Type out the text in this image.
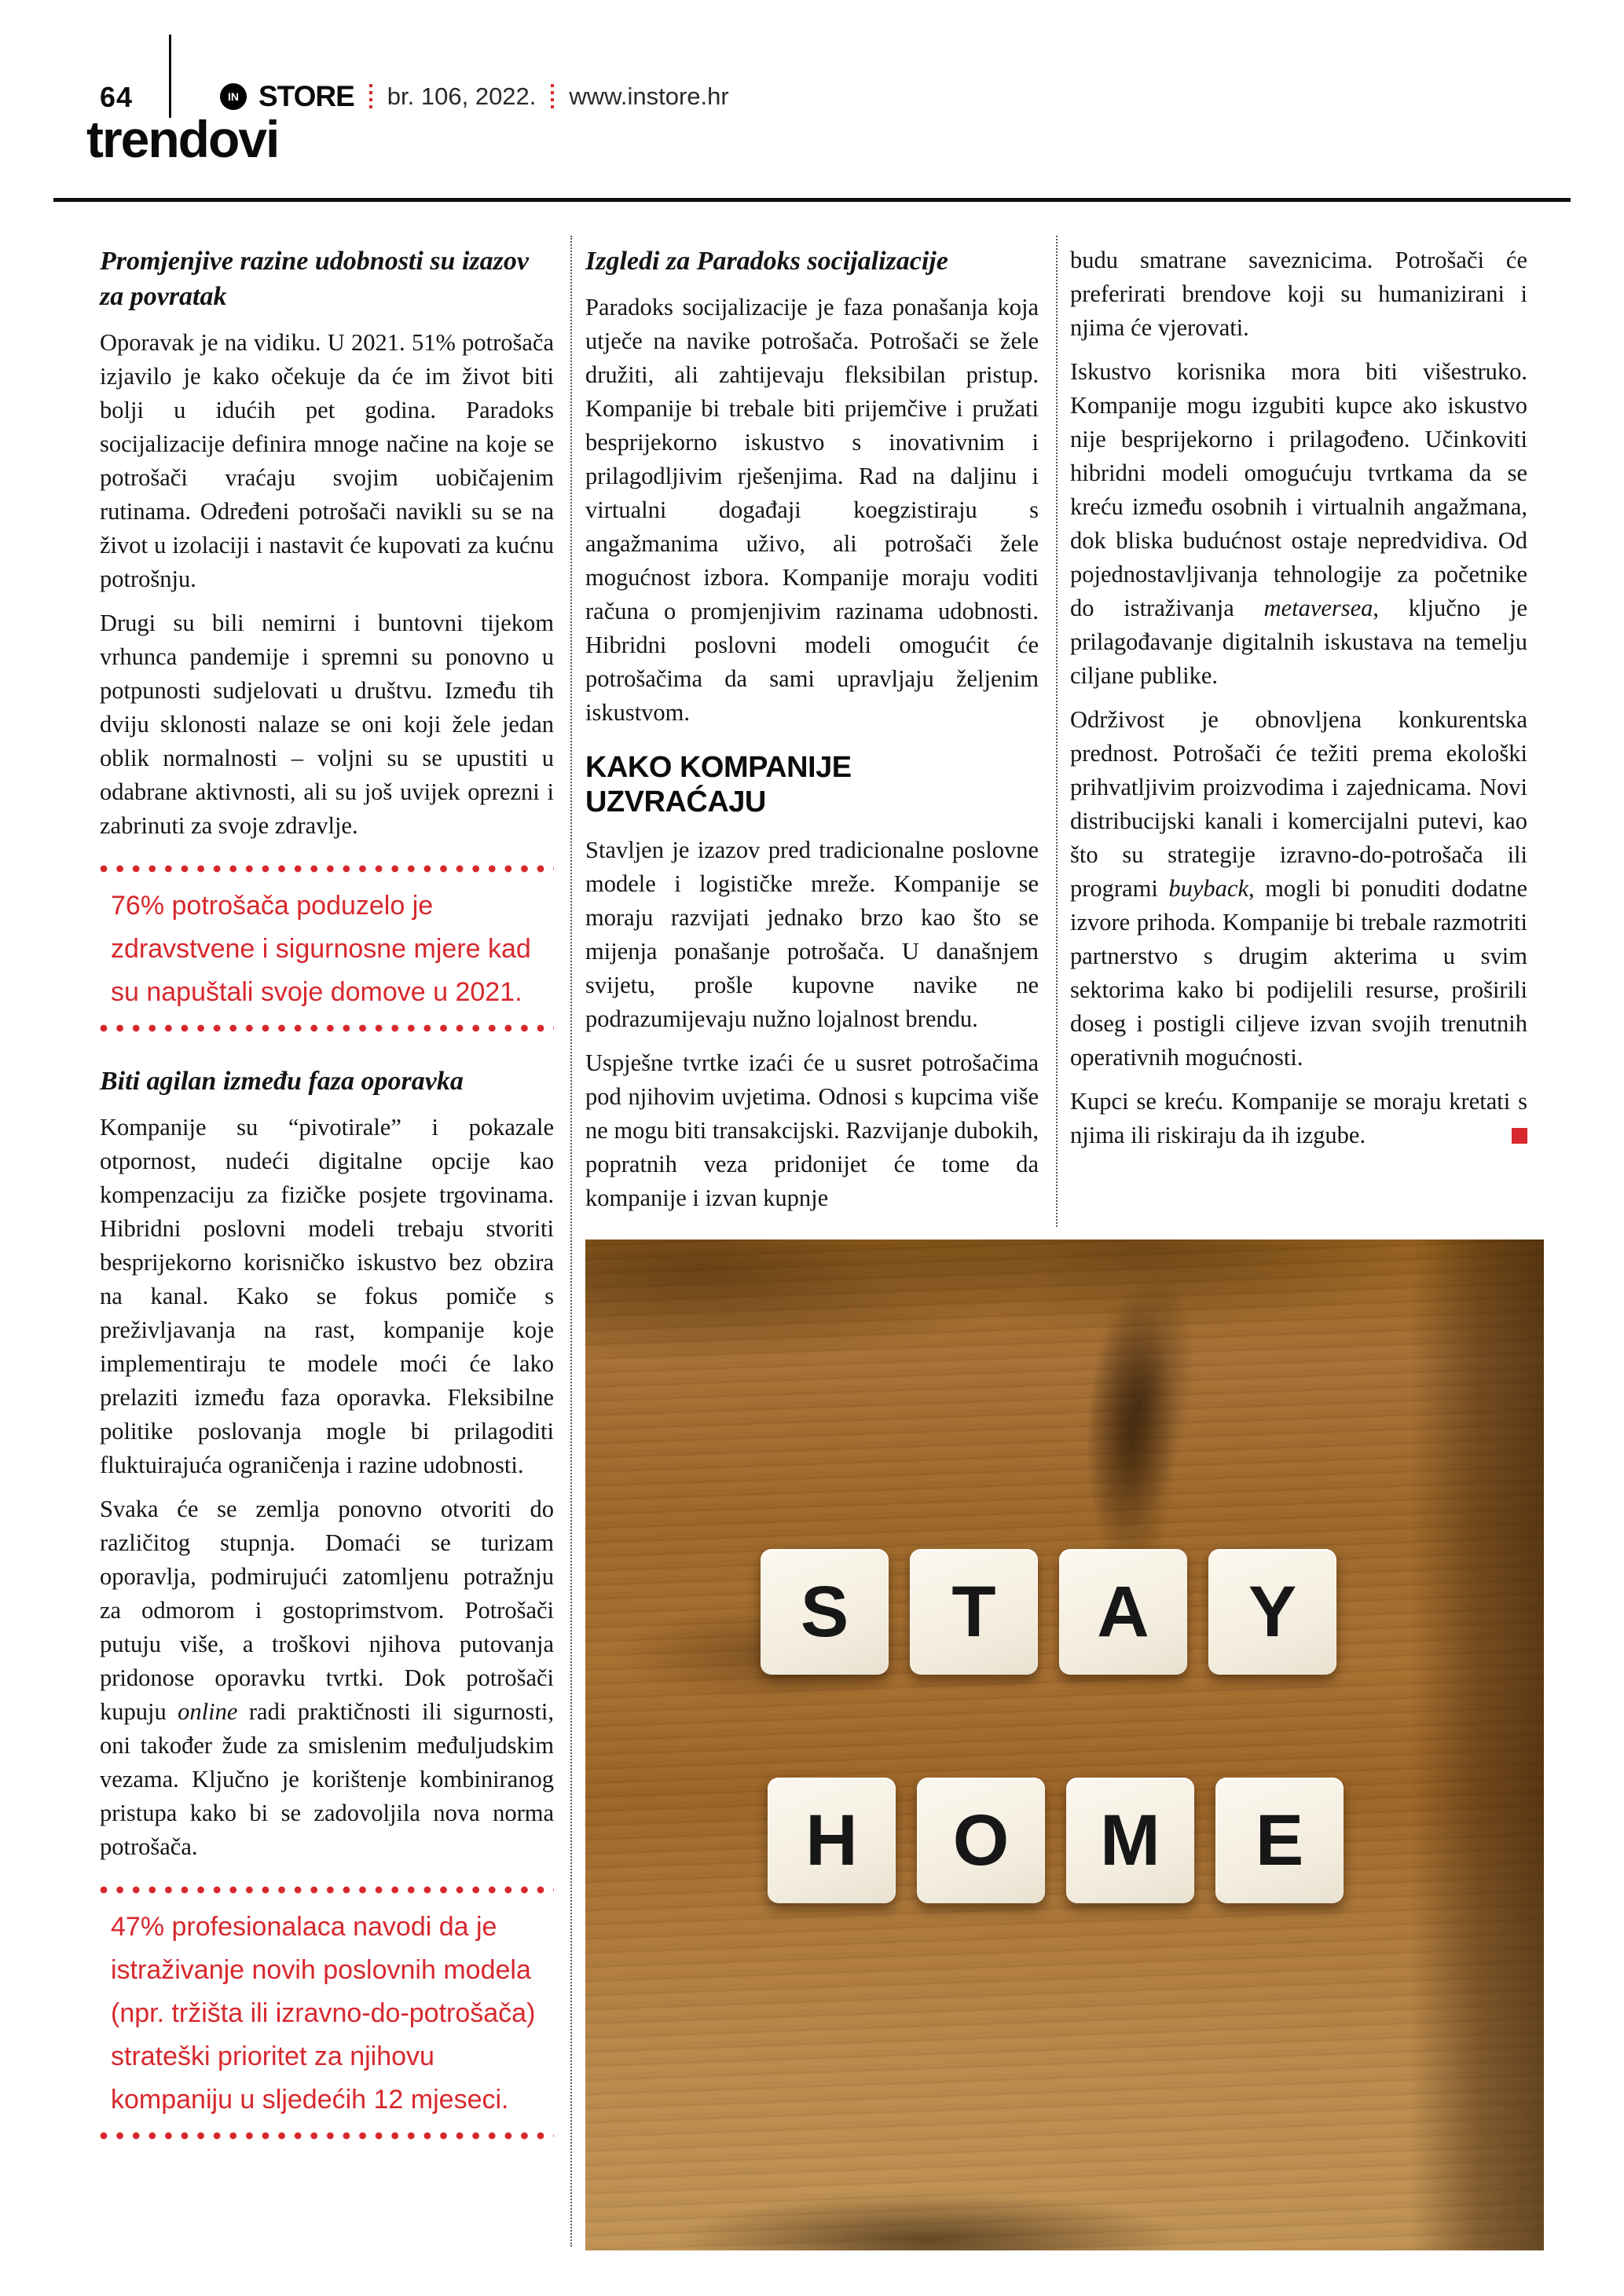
64	IN STORE br. 106, 2022. www.instore.hr
trendovi
Promjenjive razine udobnosti su izazov za povratak

Oporavak je na vidiku. U 2021. 51% potrošača izjavilo je kako očekuje da će im život biti bolji u idućih pet godina. Paradoks socijalizacije definira mnoge načine na koje se potrošači vraćaju svojim uobičajenim rutinama. Određeni potrošači navikli su se na život u izolaciji i nastavit će kupovati za kućnu potrošnju.

Drugi su bili nemirni i buntovni tijekom vrhunca pandemije i spremni su ponovno u potpunosti sudjelovati u društvu. Između tih dviju sklonosti nalaze se oni koji žele jedan oblik normalnosti – voljni su se upustiti u odabrane aktivnosti, ali su još uvijek oprezni i zabrinuti za svoje zdravlje.

76% potrošača poduzelo je zdravstvene i sigurnosne mjere kad su napuštali svoje domove u 2021.
Biti agilan između faza oporavka

Kompanije su “pivotirale” i pokazale otpornost, nudeći digitalne opcije kao kompenzaciju za fizičke posjete trgovinama. Hibridni poslovni modeli trebaju stvoriti besprijekorno korisničko iskustvo bez obzira na kanal. Kako se fokus pomiče s preživljavanja na rast, kompanije koje implementiraju te modele moći će lako prelaziti između faza oporavka. Fleksibilne politike poslovanja mogle bi prilagoditi fluktuirajuća ograničenja i razine udobnosti.

Svaka će se zemlja ponovno otvoriti do različitog stupnja. Domaći se turizam oporavlja, podmirujući zatomljenu potražnju za odmorom i gostoprimstvom. Potrošači putuju više, a troškovi njihova putovanja pridonose oporavku tvrtki. Dok potrošači kupuju online radi praktičnosti ili sigurnosti, oni također žude za smislenim međuljudskim vezama. Ključno je korištenje kombiniranog pristupa kako bi se zadovoljila nova norma potrošača.

47% profesionalaca navodi da je istraživanje novih poslovnih modela (npr. tržišta ili izravno-do-potrošača) strateški prioritet za njihovu kompaniju u sljedećih 12 mjeseci.
Izgledi za Paradoks socijalizacije

Paradoks socijalizacije je faza ponašanja koja utječe na navike potrošača. Potrošači se žele družiti, ali zahtijevaju fleksibilan pristup. Kompanije bi trebale biti prijemčive i pružati besprijekorno iskustvo s inovativnim i prilagodljivim rješenjima. Rad na daljinu i virtualni događaji koegzistiraju s angažmanima uživo, ali potrošači žele mogućnost izbora. Kompanije moraju voditi računa o promjenjivim razinama udobnosti. Hibridni poslovni modeli omogućit će potrošačima da sami upravljaju željenim iskustvom.

KAKO KOMPANIJE UZVRAĆAJU

Stavljen je izazov pred tradicionalne poslovne modele i logističke mreže. Kompanije se moraju razvijati jednako brzo kao što se mijenja ponašanje potrošača. U današnjem svijetu, prošle kupovne navike ne podrazumijevaju nužno lojalnost brendu.

Uspješne tvrtke izaći će u susret potrošačima pod njihovim uvjetima. Odnosi s kupcima više ne mogu biti transakcijski. Razvijanje dubokih, popratnih veza pridonijet će tome da kompanije i izvan kupnje

budu smatrane saveznicima. Potrošači će preferirati brendove koji su humanizirani i njima će vjerovati.

Iskustvo korisnika mora biti višestruko. Kompanije mogu izgubiti kupce ako iskustvo nije besprijekorno i prilagođeno. Učinkoviti hibridni modeli omogućuju tvrtkama da se kreću između osobnih i virtualnih angažmana, dok bliska budućnost ostaje nepredvidiva. Od pojednostavljivanja tehnologije za početnike do istraživanja metaversea, ključno je prilagođavanje digitalnih iskustava na temelju ciljane publike.

Održivost je obnovljena konkurentska prednost. Potrošači će težiti prema ekološki prihvatljivim proizvodima i zajednicama. Novi distribucijski kanali i komercijalni putevi, kao što su strategije izravno-do-potrošača ili programi buyback, mogli bi ponuditi dodatne izvore prihoda. Kompanije bi trebale razmotriti partnerstvo s drugim akterima u svim sektorima kako bi podijelili resurse, proširili doseg i postigli ciljeve izvan svojih trenutnih operativnih mogućnosti.

Kupci se kreću. Kompanije se moraju kretati s njima ili riskiraju da ih izgube.

S	T	A	Y
H	O	M	E
